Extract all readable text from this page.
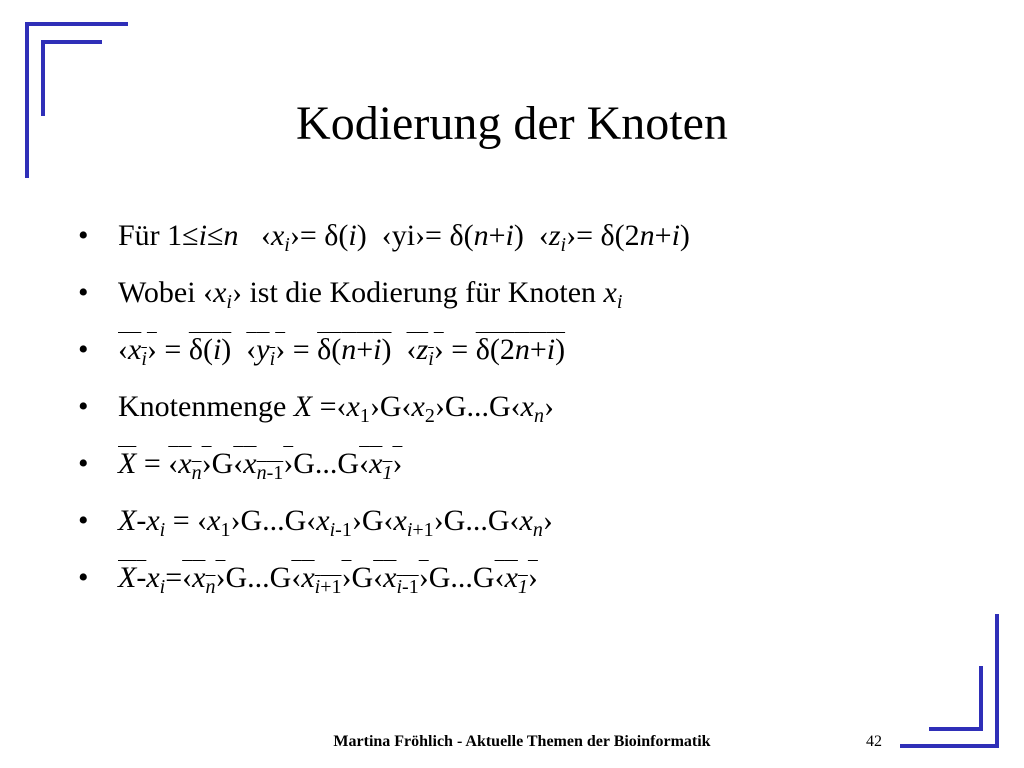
Kodierung der Knoten
• Für 1≤i≤n   $‹x_i›= \delta(i)$  ‹yi›= δ(n+i)  $‹z_i›= \delta(2n+i)$
• Wobei $‹x_i›$ ist die Kodierung für Knoten $x_i$
• $‹x_i› = \delta(i)$ $‹y_i› = \delta(n+i)$ $‹z_i› = \delta(2n+i)$
• Knotenmenge $X =‹x_1›G‹x_2›G...G‹x_n›$
• $\overline{X}$ = $‹x_n›G‹x_{n-1}›G...G‹x_1›$
• $X-x_i$ = $‹x_1›G...G‹x_{i-1}›G‹x_{i+1}›G...G‹x_n›$
• $X-x_i=‹x_n›G...G‹x_{i+1}›G‹x_{i-1}›G...G‹x_1›$
Martina Fröhlich - Aktuelle Themen der Bioinformatik	42
